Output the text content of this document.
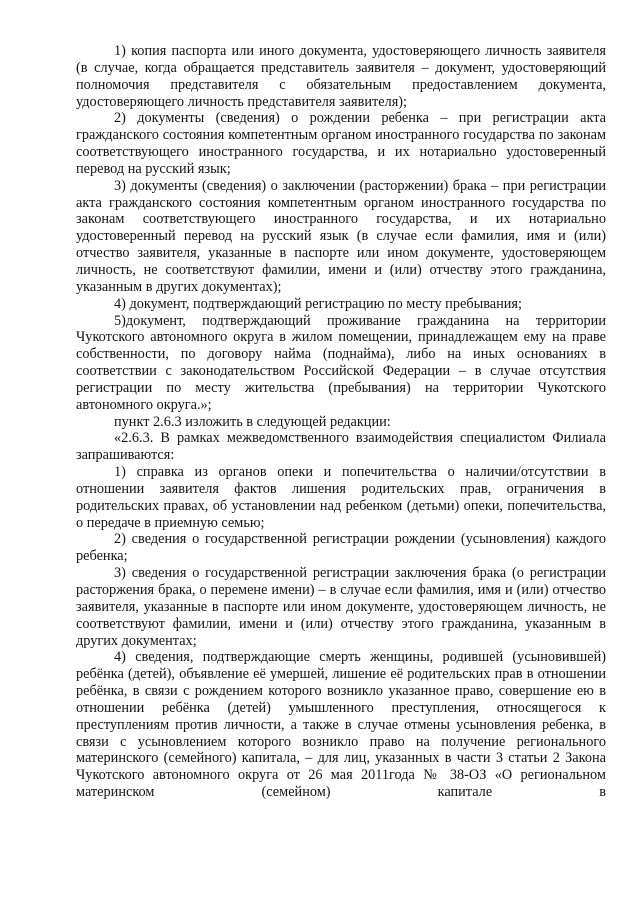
1) копия паспорта или иного документа, удостоверяющего личность заявителя (в случае, когда обращается представитель заявителя – документ, удостоверяющий полномочия представителя с обязательным предоставлением документа, удостоверяющего личность представителя заявителя);

2) документы (сведения) о рождении ребенка – при регистрации акта гражданского состояния компетентным органом иностранного государства по законам соответствующего иностранного государства, и их нотариально удостоверенный перевод на русский язык;

3) документы (сведения) о заключении (расторжении) брака – при регистрации акта гражданского состояния компетентным органом иностранного государства по законам соответствующего иностранного государства, и их нотариально удостоверенный перевод на русский язык (в случае если фамилия, имя и (или) отчество заявителя, указанные в паспорте или ином документе, удостоверяющем личность, не соответствуют фамилии, имени и (или) отчеству этого гражданина, указанным в других документах);

4) документ, подтверждающий регистрацию по месту пребывания;

5)документ, подтверждающий проживание гражданина на территории Чукотского автономного округа в жилом помещении, принадлежащем ему на праве собственности, по договору найма (поднайма), либо на иных основаниях в соответствии с законодательством Российской Федерации – в случае отсутствия регистрации по месту жительства (пребывания) на территории Чукотского автономного округа.»;

пункт 2.6.3 изложить в следующей редакции:

«2.6.3. В рамках межведомственного взаимодействия специалистом Филиала запрашиваются:

1) справка из органов опеки и попечительства о наличии/отсутствии в отношении заявителя фактов лишения родительских прав, ограничения в родительских правах, об установлении над ребенком (детьми) опеки, попечительства, о передаче в приемную семью;

2) сведения о государственной регистрации рождении (усыновления) каждого ребенка;

3) сведения о государственной регистрации заключения брака (о регистрации расторжения брака, о перемене имени) – в случае если фамилия, имя и (или) отчество заявителя, указанные в паспорте или ином документе, удостоверяющем личность, не соответствуют фамилии, имени и (или) отчеству этого гражданина, указанным в других документах;

4) сведения, подтверждающие смерть женщины, родившей (усыновившей) ребёнка (детей), объявление её умершей, лишение её родительских прав в отношении ребёнка, в связи с рождением которого возникло указанное право, совершение ею в отношении ребёнка (детей) умышленного преступления, относящегося к преступлениям против личности, а также в случае отмены усыновления ребенка, в связи с усыновлением которого возникло право на получение регионального материнского (семейного) капитала, – для лиц, указанных в части 3 статьи 2 Закона Чукотского автономного округа от 26 мая 2011года № 38-ОЗ «О региональном материнском (семейном) капитале в
